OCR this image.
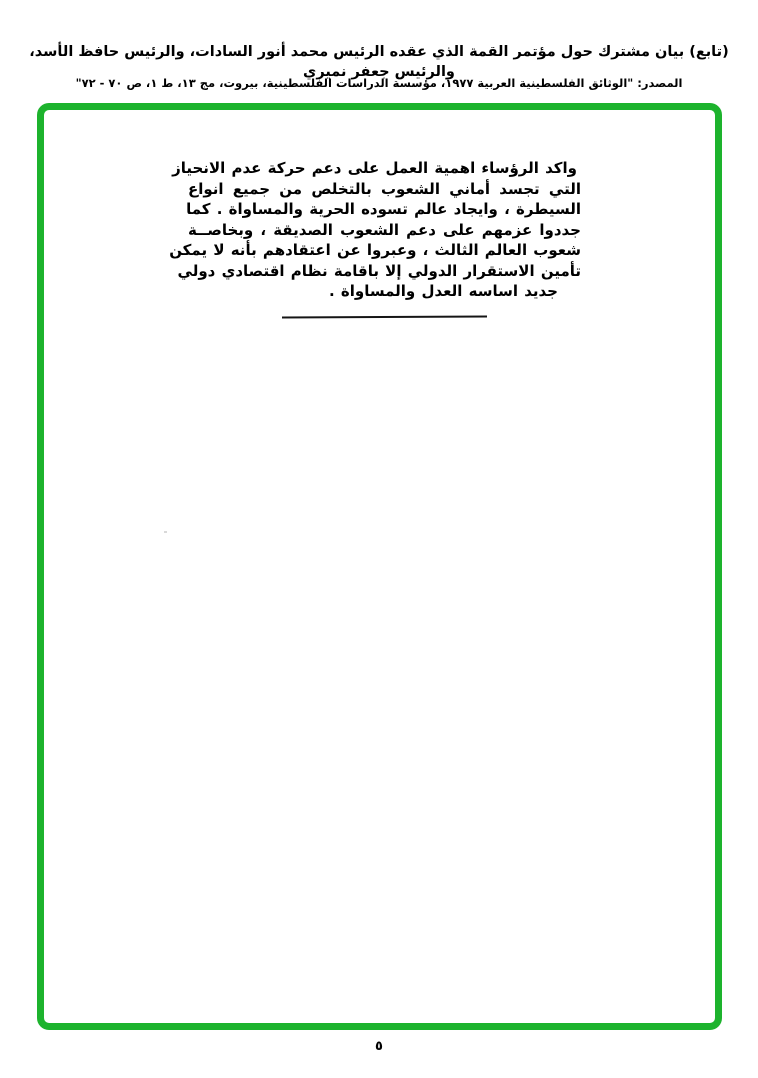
(تابع) بيان مشترك حول مؤتمر القمة الذي عقده الرئيس محمد أنور السادات، والرئيس حافظ الأسد، والرئيس جعفر نميري
المصدر: "الوثائق الفلسطينية العربية ١٩٧٧، مؤسسة الدراسات الفلسطينية، بيروت، مج ١٣، ط ١، ص ٧٠ - ٧٢"
واكد الرؤساء اهمية العمل على دعم حركة عدم الانحياز
التي تجسد أماني الشعوب بالتخلص من جميع انواع
السيطرة ، وايجاد عالم تسوده الحرية والمساواة . كما
جددوا عزمهم على دعم الشعوب الصديقة ، وبخاصــة
شعوب العالم الثالث ، وعبروا عن اعتقادهم بأنه لا يمكن
تأمين الاستقرار الدولي إلا باقامة نظام اقتصادي دولي
جديد اساسه العدل والمساواة .
٥
